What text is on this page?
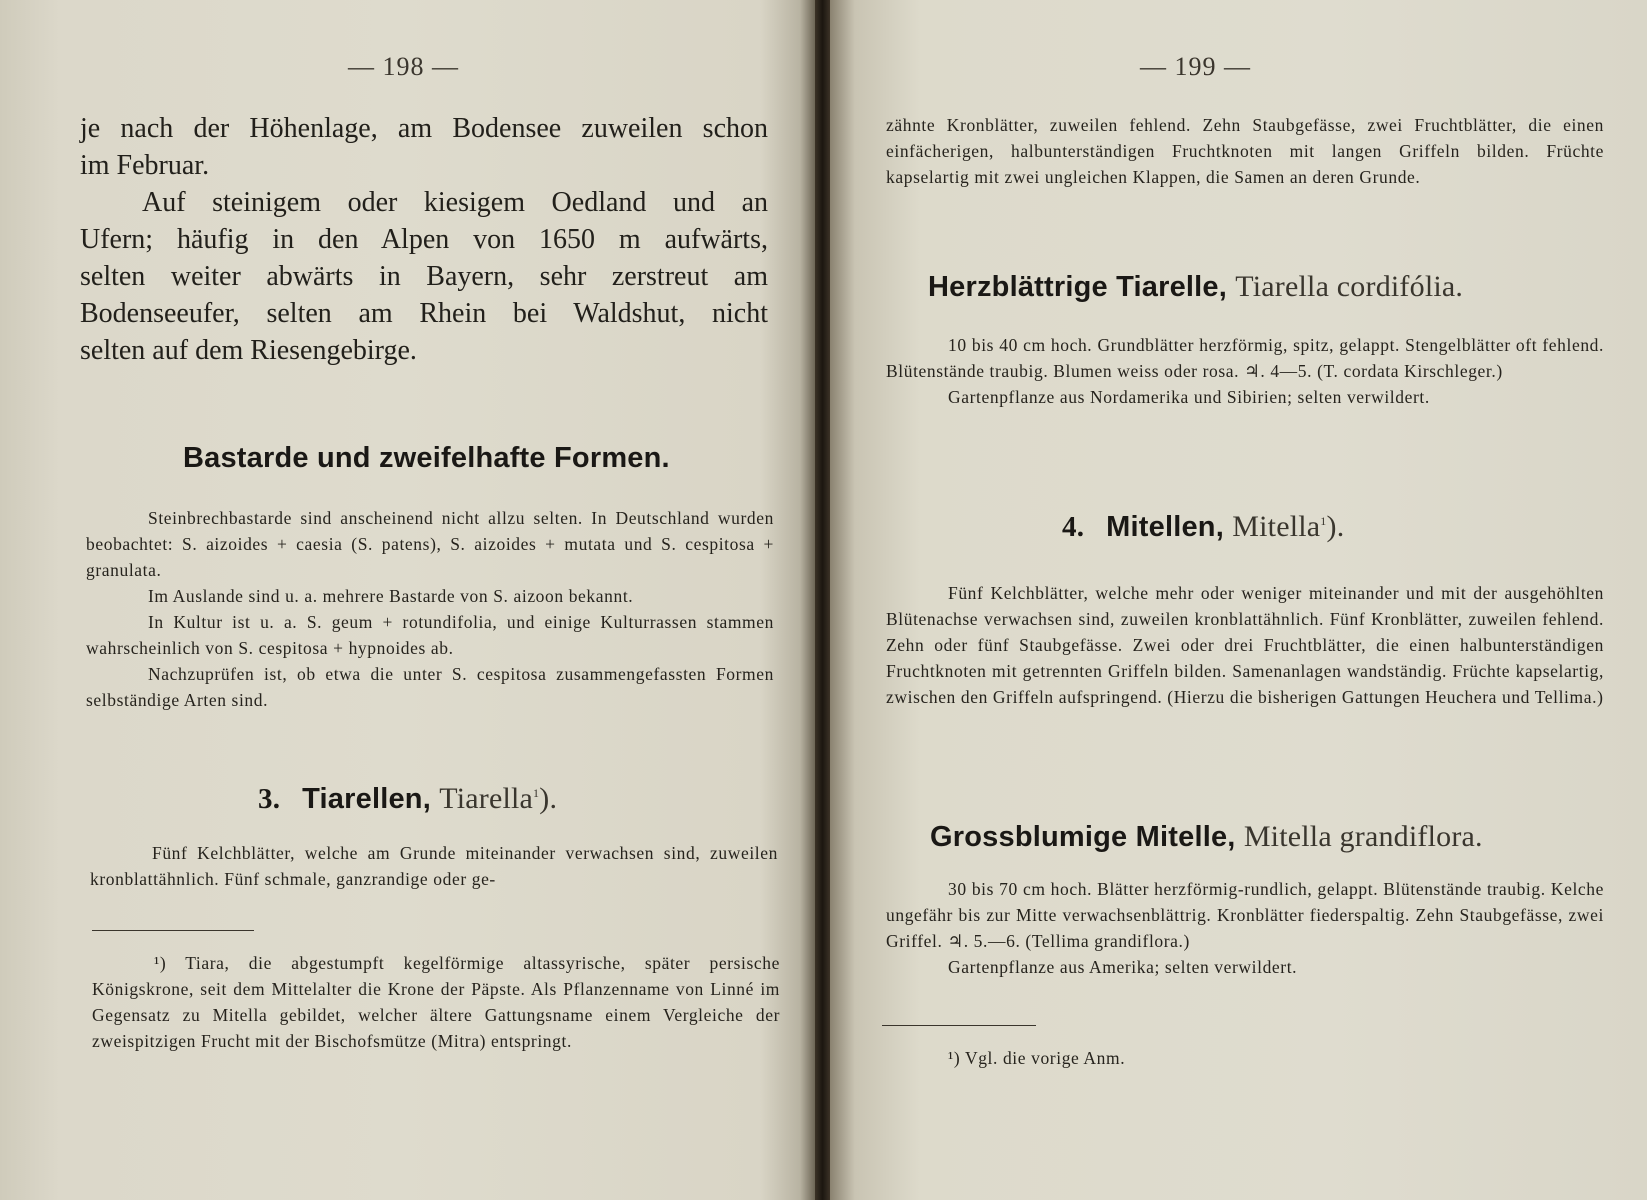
— 198 —

je nach der Höhenlage, am Bodensee zuweilen schon

im Februar.

Auf steinigem oder kiesigem Oedland und an

Ufern; häufig in den Alpen von 1650 m aufwärts,

selten weiter abwärts in Bayern, sehr zerstreut am

Bodenseeufer, selten am Rhein bei Waldshut, nicht

selten auf dem Riesengebirge.

Bastarde und zweifelhafte Formen.

Steinbrechbastarde sind anscheinend nicht allzu selten. In Deutschland wurden beobachtet: S. aizoides + caesia (S. patens), S. aizoides + mutata und S. cespitosa + granulata.

Im Auslande sind u. a. mehrere Bastarde von S. aizoon bekannt.

In Kultur ist u. a. S. geum + rotundifolia, und einige Kulturrassen stammen wahrscheinlich von S. cespitosa + hypnoides ab.

Nachzuprüfen ist, ob etwa die unter S. cespitosa zusammengefassten Formen selbständige Arten sind.

3. Tiarellen, Tiarella$^1$).

Fünf Kelchblätter, welche am Grunde miteinander verwachsen sind, zuweilen kronblattähnlich. Fünf schmale, ganzrandige oder ge-

¹) Tiara, die abgestumpft kegelförmige altassyrische, später persische Königskrone, seit dem Mittelalter die Krone der Päpste. Als Pflanzenname von Linné im Gegensatz zu Mitella gebildet, welcher ältere Gattungsname einem Vergleiche der zweispitzigen Frucht mit der Bischofsmütze (Mitra) entspringt.

— 199 —

zähnte Kronblätter, zuweilen fehlend. Zehn Staubgefässe, zwei Fruchtblätter, die einen einfächerigen, halbunterständigen Fruchtknoten mit langen Griffeln bilden. Früchte kapselartig mit zwei ungleichen Klappen, die Samen an deren Grunde.

Herzblättrige Tiarelle, Tiarella cordifólia.

10 bis 40 cm hoch. Grundblätter herzförmig, spitz, gelappt. Stengelblätter oft fehlend. Blütenstände traubig. Blumen weiss oder rosa. ♃. 4—5. (T. cordata Kirschleger.)

Gartenpflanze aus Nordamerika und Sibirien; selten verwildert.

4. Mitellen, Mitella$^1$).

Fünf Kelchblätter, welche mehr oder weniger miteinander und mit der ausgehöhlten Blütenachse verwachsen sind, zuweilen kronblattähnlich. Fünf Kronblätter, zuweilen fehlend. Zehn oder fünf Staubgefässe. Zwei oder drei Fruchtblätter, die einen halbunterständigen Fruchtknoten mit getrennten Griffeln bilden. Samenanlagen wandständig. Früchte kapselartig, zwischen den Griffeln aufspringend. (Hierzu die bisherigen Gattungen Heuchera und Tellima.)

Grossblumige Mitelle, Mitella grandiflora.

30 bis 70 cm hoch. Blätter herzförmig-rundlich, gelappt. Blütenstände traubig. Kelche ungefähr bis zur Mitte verwachsenblättrig. Kronblätter fiederspaltig. Zehn Staubgefässe, zwei Griffel. ♃. 5.—6. (Tellima grandiflora.)

Gartenpflanze aus Amerika; selten verwildert.

¹) Vgl. die vorige Anm.
